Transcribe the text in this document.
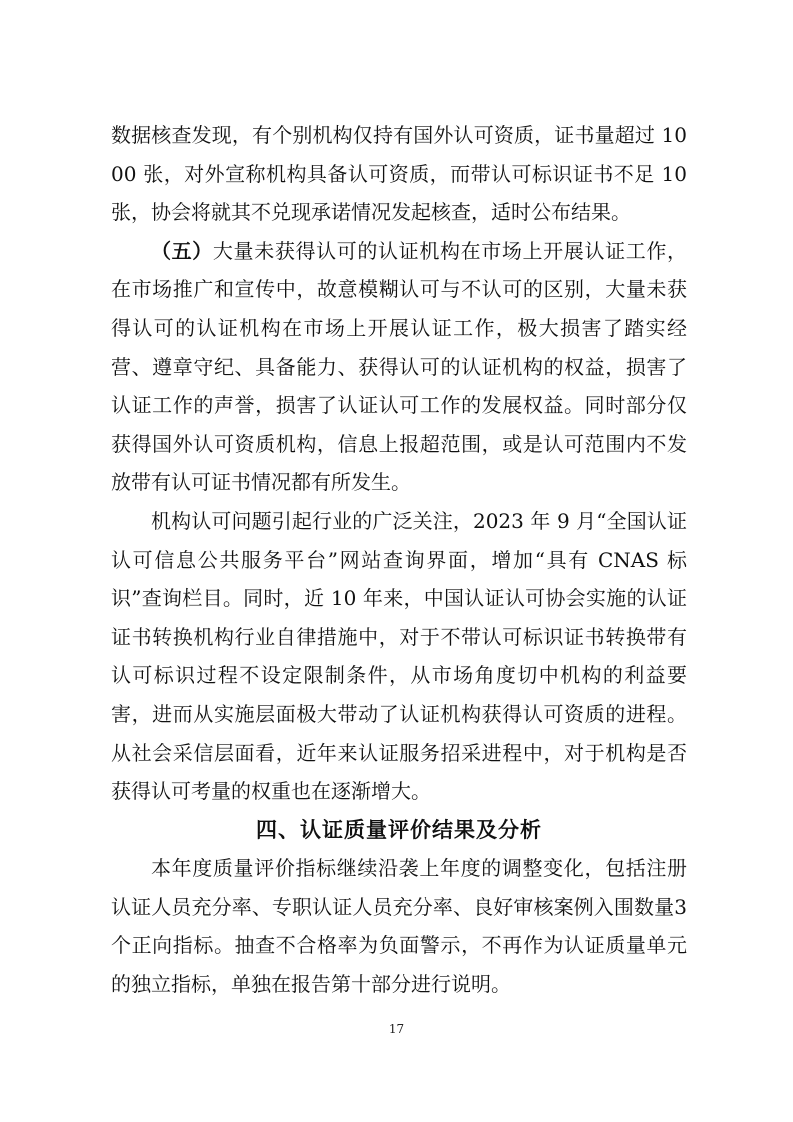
数据核查发现，有个别机构仅持有国外认可资质，证书量超过 1000 张，对外宣称机构具备认可资质，而带认可标识证书不足 10 张，协会将就其不兑现承诺情况发起核查，适时公布结果。

（五）大量未获得认可的认证机构在市场上开展认证工作，在市场推广和宣传中，故意模糊认可与不认可的区别，大量未获得认可的认证机构在市场上开展认证工作，极大损害了踏实经营、遵章守纪、具备能力、获得认可的认证机构的权益，损害了认证工作的声誉，损害了认证认可工作的发展权益。同时部分仅获得国外认可资质机构，信息上报超范围，或是认可范围内不发放带有认可证书情况都有所发生。

机构认可问题引起行业的广泛关注，2023 年 9 月“全国认证认可信息公共服务平台”网站查询界面，增加“具有 CNAS 标识”查询栏目。同时，近 10 年来，中国认证认可协会实施的认证证书转换机构行业自律措施中，对于不带认可标识证书转换带有认可标识过程不设定限制条件，从市场角度切中机构的利益要害，进而从实施层面极大带动了认证机构获得认可资质的进程。从社会采信层面看，近年来认证服务招采进程中，对于机构是否获得认可考量的权重也在逐渐增大。

四、认证质量评价结果及分析

本年度质量评价指标继续沿袭上年度的调整变化，包括注册认证人员充分率、专职认证人员充分率、良好审核案例入围数量3个正向指标。抽查不合格率为负面警示，不再作为认证质量单元的独立指标，单独在报告第十部分进行说明。

17
